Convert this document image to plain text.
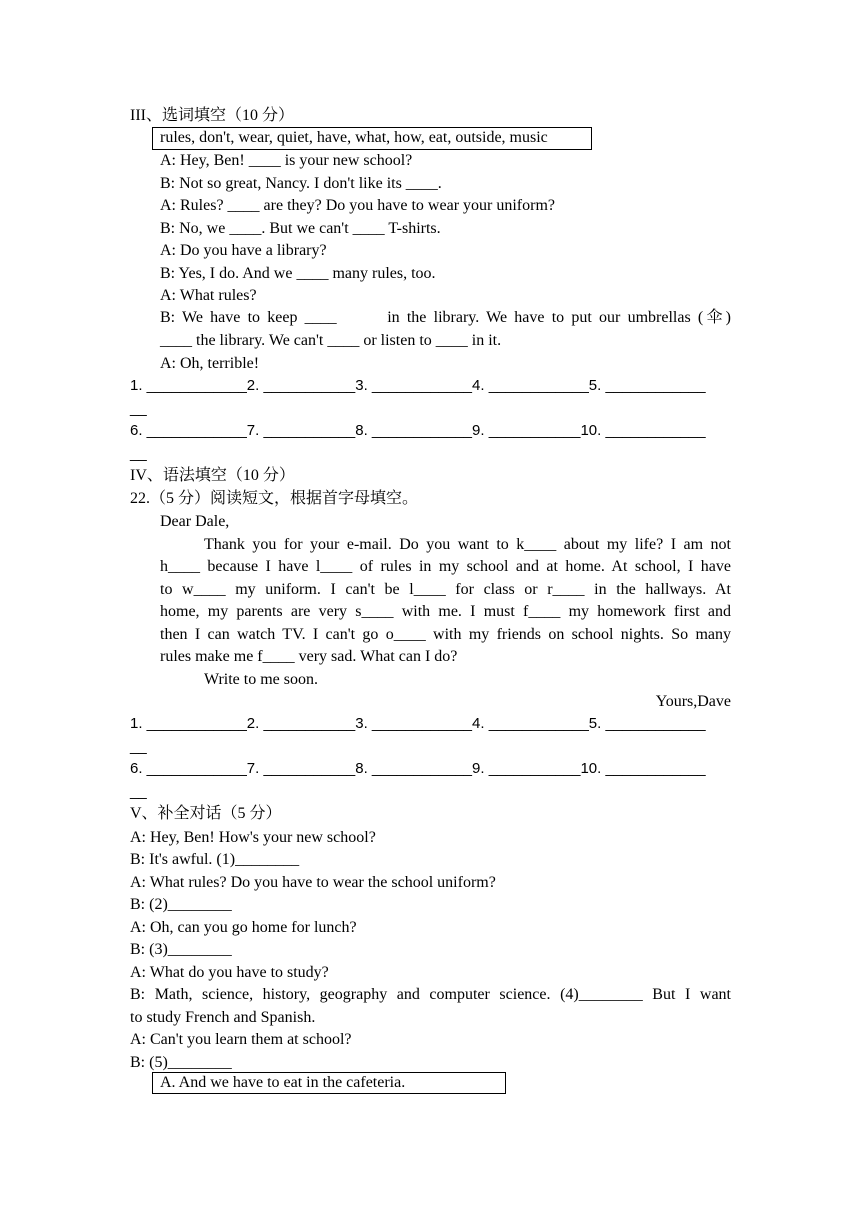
III、选词填空（10 分）
rules, don't, wear, quiet, have, what, how, eat, outside, music
A: Hey, Ben! ____ is your new school?
B: Not so great, Nancy. I don't like its ____.
A: Rules? ____ are they? Do you have to wear your uniform?
B: No, we ____. But we can't ____ T-shirts.
A: Do you have a library?
B: Yes, I do. And we ____ many rules, too.
A: What rules?
B: We have to keep ____       in the library. We have to put our umbrellas (伞)
____ the library. We can't ____ or listen to ____ in it.
A: Oh, terrible!
1. ____________2. ___________3. ____________4. ____________5. ____________
__
6. ____________7. ___________8. ____________9. ___________10. ____________
__
IV、语法填空（10 分）
22.（5 分）阅读短文，根据首字母填空。
Dear Dale,
Thank you for your e-mail. Do you want to k____ about my life? I am not
h____ because I have l____ of rules in my school and at home. At school, I have
to w____ my uniform. I can't be l____ for class or r____ in the hallways. At
home, my parents are very s____ with me. I must f____ my homework first and
then I can watch TV. I can't go o____ with my friends on school nights. So many
rules make me f____ very sad. What can I do?
Write to me soon.
Yours,Dave
1. ____________2. ___________3. ____________4. ____________5. ____________
__
6. ____________7. ___________8. ____________9. ___________10. ____________
__
V、补全对话（5 分）
A: Hey, Ben! How's your new school?
B: It's awful. (1)________
A: What rules? Do you have to wear the school uniform?
B: (2)________
A: Oh, can you go home for lunch?
B: (3)________
A: What do you have to study?
B: Math, science, history, geography and computer science. (4)________ But I want
to study French and Spanish.
A: Can't you learn them at school?
B: (5)________
A. And we have to eat in the cafeteria.
